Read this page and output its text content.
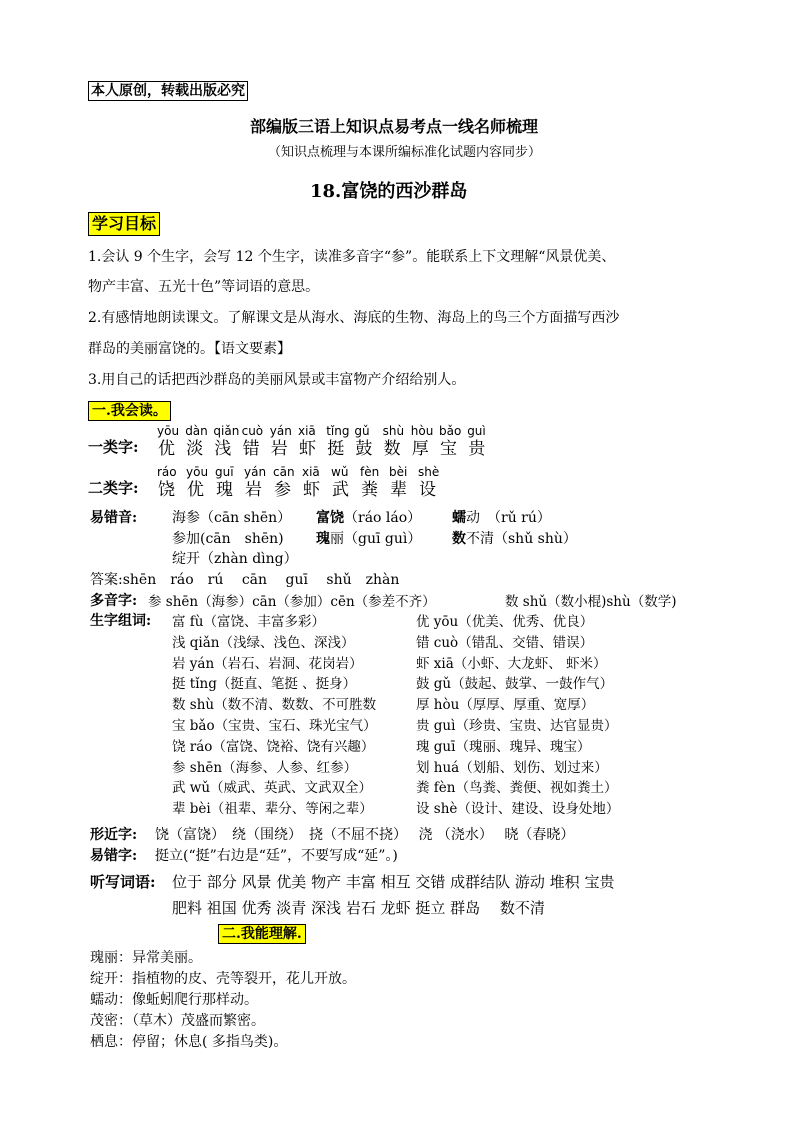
本人原创，转载出版必究
部编版三语上知识点易考点一线名师梳理
（知识点梳理与本课所编标准化试题内容同步）
18.富饶的西沙群岛
学习目标
1.会认 9 个生字，会写 12 个生字，读准多音字“参”。能联系上下文理解“风景优美、
物产丰富、五光十色”等词语的意思。
2.有感情地朗读课文。了解课文是从海水、海底的生物、海岛上的鸟三个方面描写西沙
群岛的美丽富饶的。【语文要素】
3.用自己的话把西沙群岛的美丽风景或丰富物产介绍给别人。
一.我会读。
yōu dàn qiǎn cuò yán xiā tǐng gǔ shù hòu bǎo guì
一类字: 优 淡 浅 错 岩 虾 挺 鼓 数 厚 宝 贵
ráo yōu guī yán cān xiā wǔ fèn bèi shè
二类字: 饶 优 瑰 岩 参 虾 武 粪 辈 设
易错音: 海参（cān shēn） 富饶（ráo láo） 蠕动　（rǔ rú）
参加(cān　shēn) 瑰丽（guī guì） 数不清（shǔ shù）
绽开（zhàn dìng）
答案:shēn　ráo　rú　 cān　 guī　 shǔ　zhàn
多音字: 参 shēn（海参）cān（参加）cēn（参差不齐）	数 shǔ（数小棍)shù（数学)
生字组词: 富 fù（富饶、丰富多彩）
浅 qiǎn（浅绿、浅色、深浅）
岩 yán（岩石、岩洞、花岗岩）
挺 tǐng（挺直、笔挺 、挺身）
数 shù（数不清、数数、不可胜数
宝 bǎo（宝贵、宝石、珠光宝气）
饶 ráo（富饶、饶裕、饶有兴趣）
参 shēn（海参、人参、红参）
武 wǔ（威武、英武、文武双全）
辈 bèi（祖辈、辈分、等闲之辈）
优 yōu（优美、优秀、优良）
错 cuò（错乱、交错、错误）
虾 xiā（小虾、大龙虾、 虾米）
鼓 gǔ（鼓起、鼓掌、一鼓作气）
厚 hòu（厚厚、厚重、宽厚）
贵 guì（珍贵、宝贵、达官显贵）
瑰 guī（瑰丽、瑰异、瑰宝）
划 huá（划船、划伤、划过来）
粪 fèn（鸟粪、粪便、视如粪土）
设 shè（设计、建设、设身处地）
形近字: 饶（富饶）　绕（围绕）　挠（不屈不挠）　 浇 （浇水）　 晓（春晓）
易错字: 挺立(“挺”右边是“廷”，不要写成“延”。)
听写词语: 位于 部分 风景 优美 物产 丰富 相互 交错 成群结队 游动 堆积 宝贵
肥料 祖国 优秀 淡青 深浅 岩石 龙虾 挺立 群岛　 数不清
二.我能理解.
瑰丽：异常美丽。
绽开：指植物的皮、壳等裂开，花儿开放。
蠕动：像蚯蚓爬行那样动。
茂密：（草木）茂盛而繁密。
栖息：停留；休息( 多指鸟类)。
